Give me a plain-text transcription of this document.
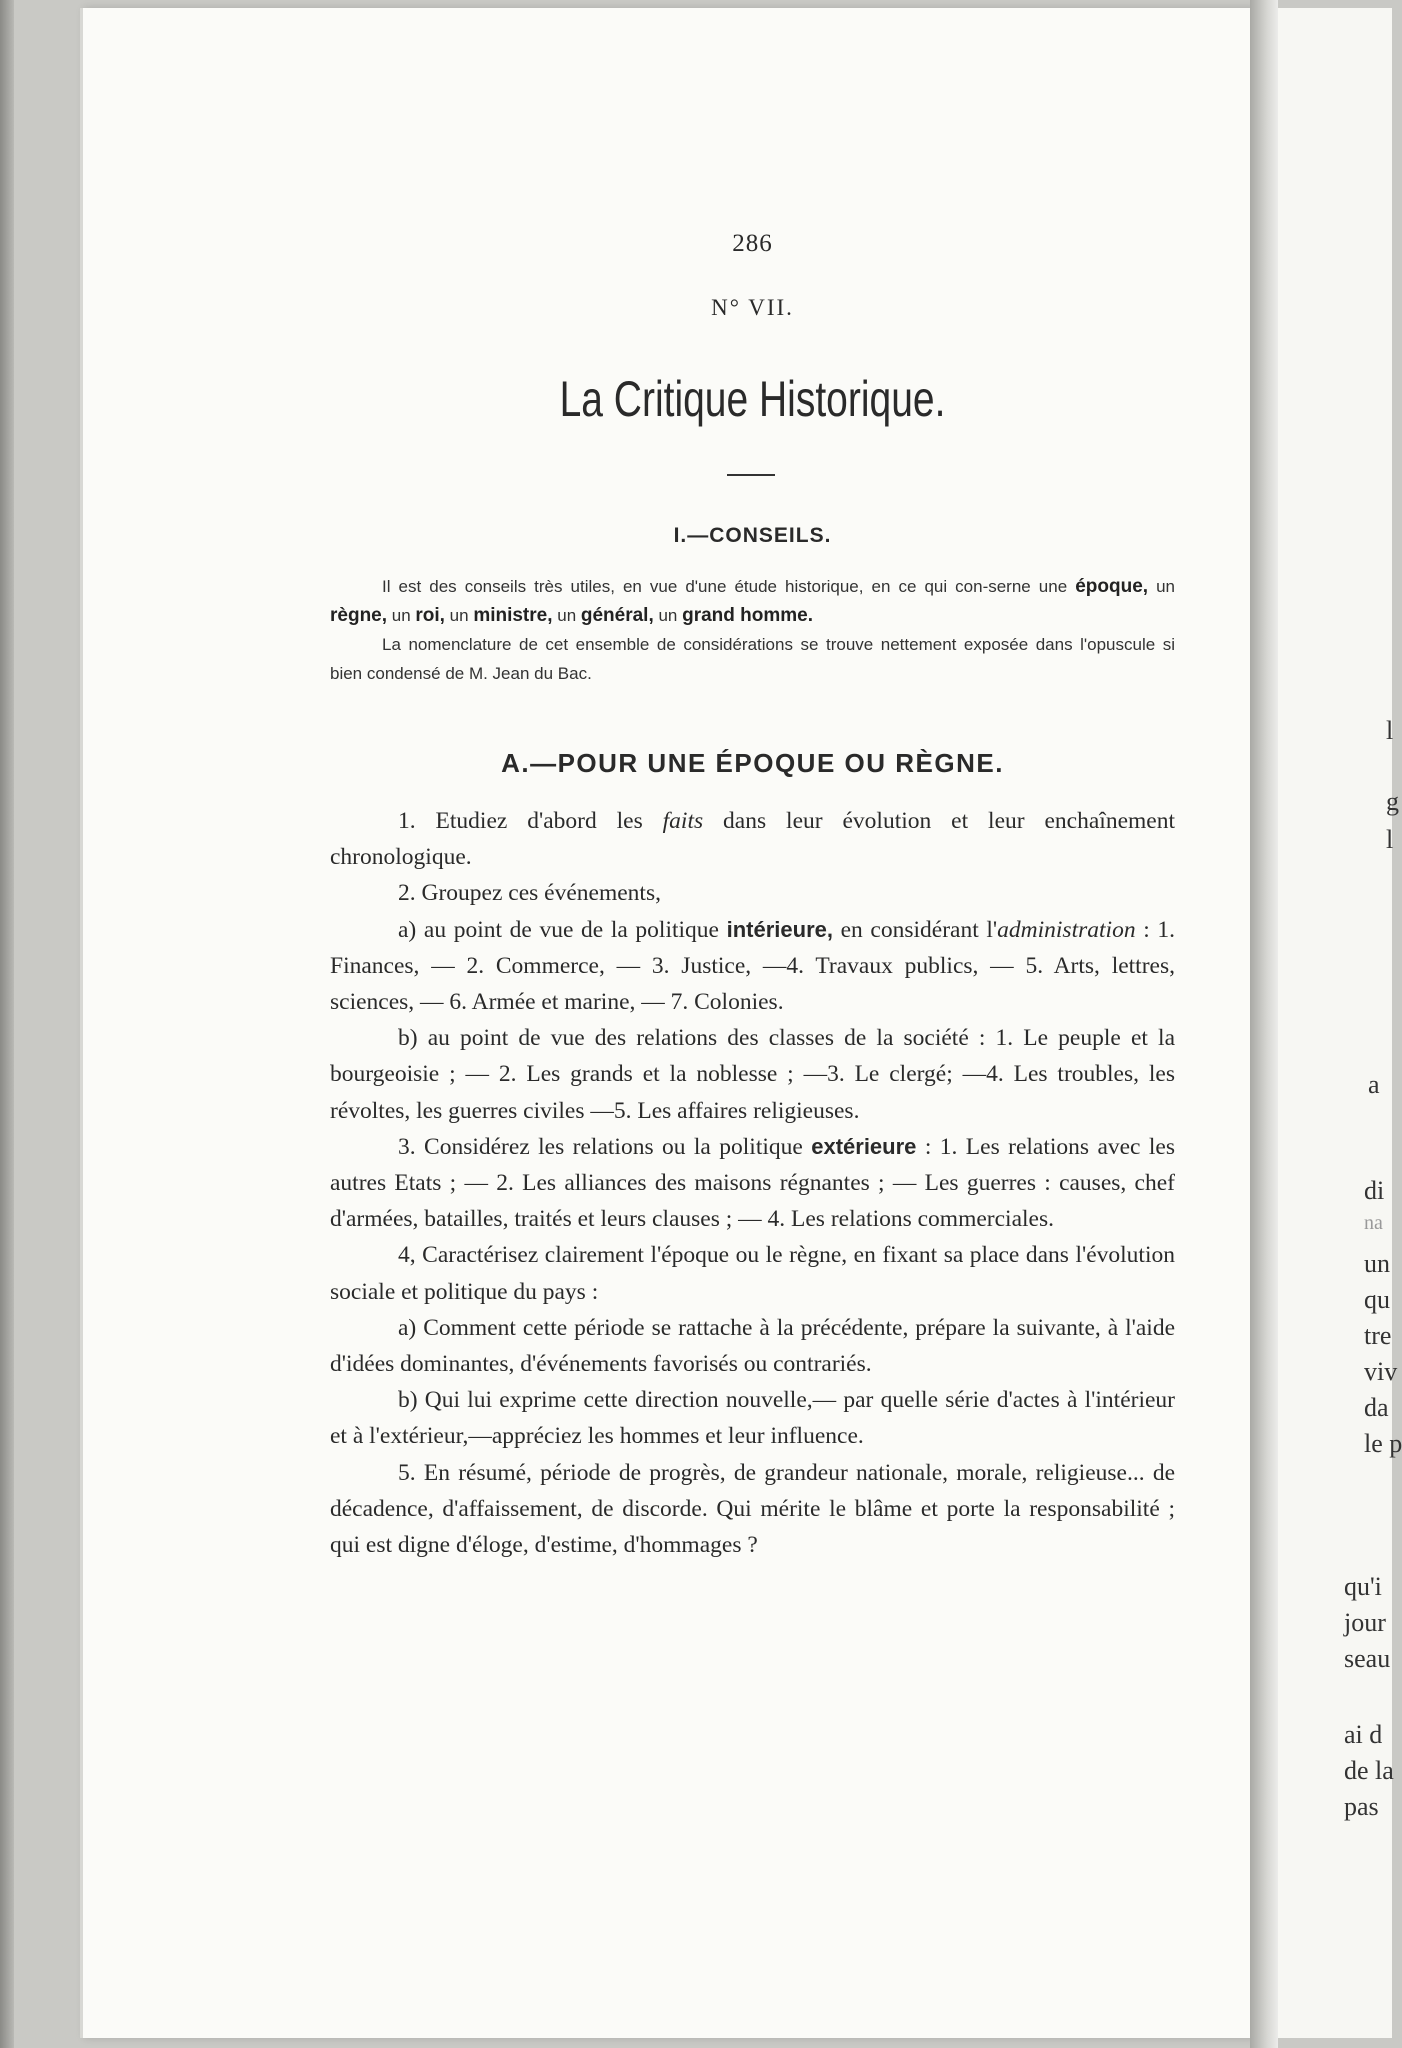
286
N° VII.
La Critique Historique.
I.—CONSEILS.

Il est des conseils très utiles, en vue d'une étude historique, en ce qui con-serne une époque, un règne, un roi, un ministre, un général, un grand homme.

La nomenclature de cet ensemble de considérations se trouve nettement exposée dans l'opuscule si bien condensé de M. Jean du Bac.

A.—POUR UNE ÉPOQUE OU RÈGNE.

1. Etudiez d'abord les faits dans leur évolution et leur enchaînement chronologique.

2. Groupez ces événements,

a) au point de vue de la politique intérieure, en considérant l'administration : 1. Finances, — 2. Commerce, — 3. Justice, —4. Travaux publics, — 5. Arts, lettres, sciences, — 6. Armée et marine, — 7. Colonies.

b) au point de vue des relations des classes de la société : 1. Le peuple et la bourgeoisie ; — 2. Les grands et la noblesse ; —3. Le clergé; —4. Les troubles, les révoltes, les guerres civiles —5. Les affaires religieuses.

3. Considérez les relations ou la politique extérieure : 1. Les relations avec les autres Etats ; — 2. Les alliances des maisons régnantes ; — Les guerres : causes, chef d'armées, batailles, traités et leurs clauses ; — 4. Les relations commerciales.

4, Caractérisez clairement l'époque ou le règne, en fixant sa place dans l'évolution sociale et politique du pays :

a) Comment cette période se rattache à la précédente, prépare la suivante, à l'aide d'idées dominantes, d'événements favorisés ou contrariés.

b) Qui lui exprime cette direction nouvelle,— par quelle série d'actes à l'intérieur et à l'extérieur,—appréciez les hommes et leur influence.

5. En résumé, période de progrès, de grandeur nationale, morale, religieuse... de décadence, d'affaissement, de discorde. Qui mérite le blâme et porte la responsabilité ; qui est digne d'éloge, d'estime, d'hommages ?

l
g
l
a
di
na
un
qu
tre
viv
da
le p
qu'i
jour
seau
ai d
de la
pas
